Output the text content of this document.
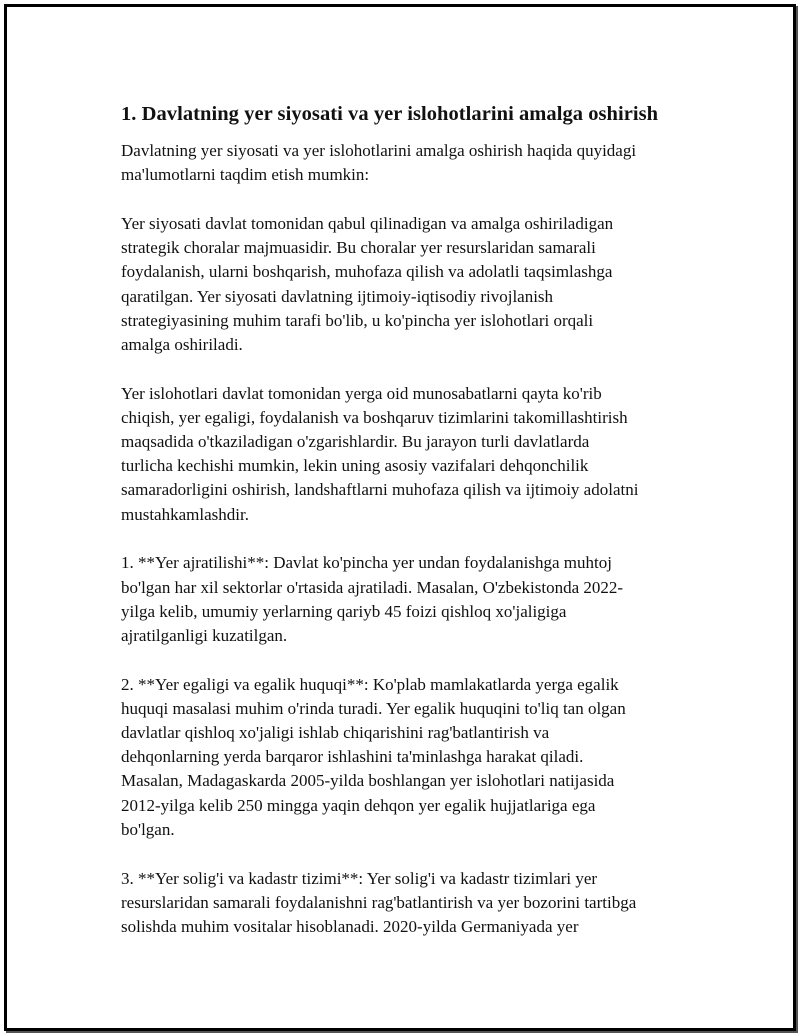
1. Davlatning yer siyosati va yer islohotlarini amalga oshirish

Davlatning yer siyosati va yer islohotlarini amalga oshirish haqida quyidagi
ma'lumotlarni taqdim etish mumkin:

Yer siyosati davlat tomonidan qabul qilinadigan va amalga oshiriladigan
strategik choralar majmuasidir. Bu choralar yer resurslaridan samarali
foydalanish, ularni boshqarish, muhofaza qilish va adolatli taqsimlashga
qaratilgan. Yer siyosati davlatning ijtimoiy-iqtisodiy rivojlanish
strategiyasining muhim tarafi bo'lib, u ko'pincha yer islohotlari orqali
amalga oshiriladi.

Yer islohotlari davlat tomonidan yerga oid munosabatlarni qayta ko'rib
chiqish, yer egaligi, foydalanish va boshqaruv tizimlarini takomillashtirish
maqsadida o'tkaziladigan o'zgarishlardir. Bu jarayon turli davlatlarda
turlicha kechishi mumkin, lekin uning asosiy vazifalari dehqonchilik
samaradorligini oshirish, landshaftlarni muhofaza qilish va ijtimoiy adolatni
mustahkamlashdir.

1. **Yer ajratilishi**: Davlat ko'pincha yer undan foydalanishga muhtoj
bo'lgan har xil sektorlar o'rtasida ajratiladi. Masalan, O'zbekistonda 2022-
yilga kelib, umumiy yerlarning qariyb 45 foizi qishloq xo'jaligiga
ajratilganligi kuzatilgan.

2. **Yer egaligi va egalik huquqi**: Ko'plab mamlakatlarda yerga egalik
huquqi masalasi muhim o'rinda turadi. Yer egalik huquqini to'liq tan olgan
davlatlar qishloq xo'jaligi ishlab chiqarishini rag'batlantirish va
dehqonlarning yerda barqaror ishlashini ta'minlashga harakat qiladi.
Masalan, Madagaskarda 2005-yilda boshlangan yer islohotlari natijasida
2012-yilga kelib 250 mingga yaqin dehqon yer egalik hujjatlariga ega
bo'lgan.

3. **Yer solig'i va kadastr tizimi**: Yer solig'i va kadastr tizimlari yer
resurslaridan samarali foydalanishni rag'batlantirish va yer bozorini tartibga
solishda muhim vositalar hisoblanadi. 2020-yilda Germaniyada yer
